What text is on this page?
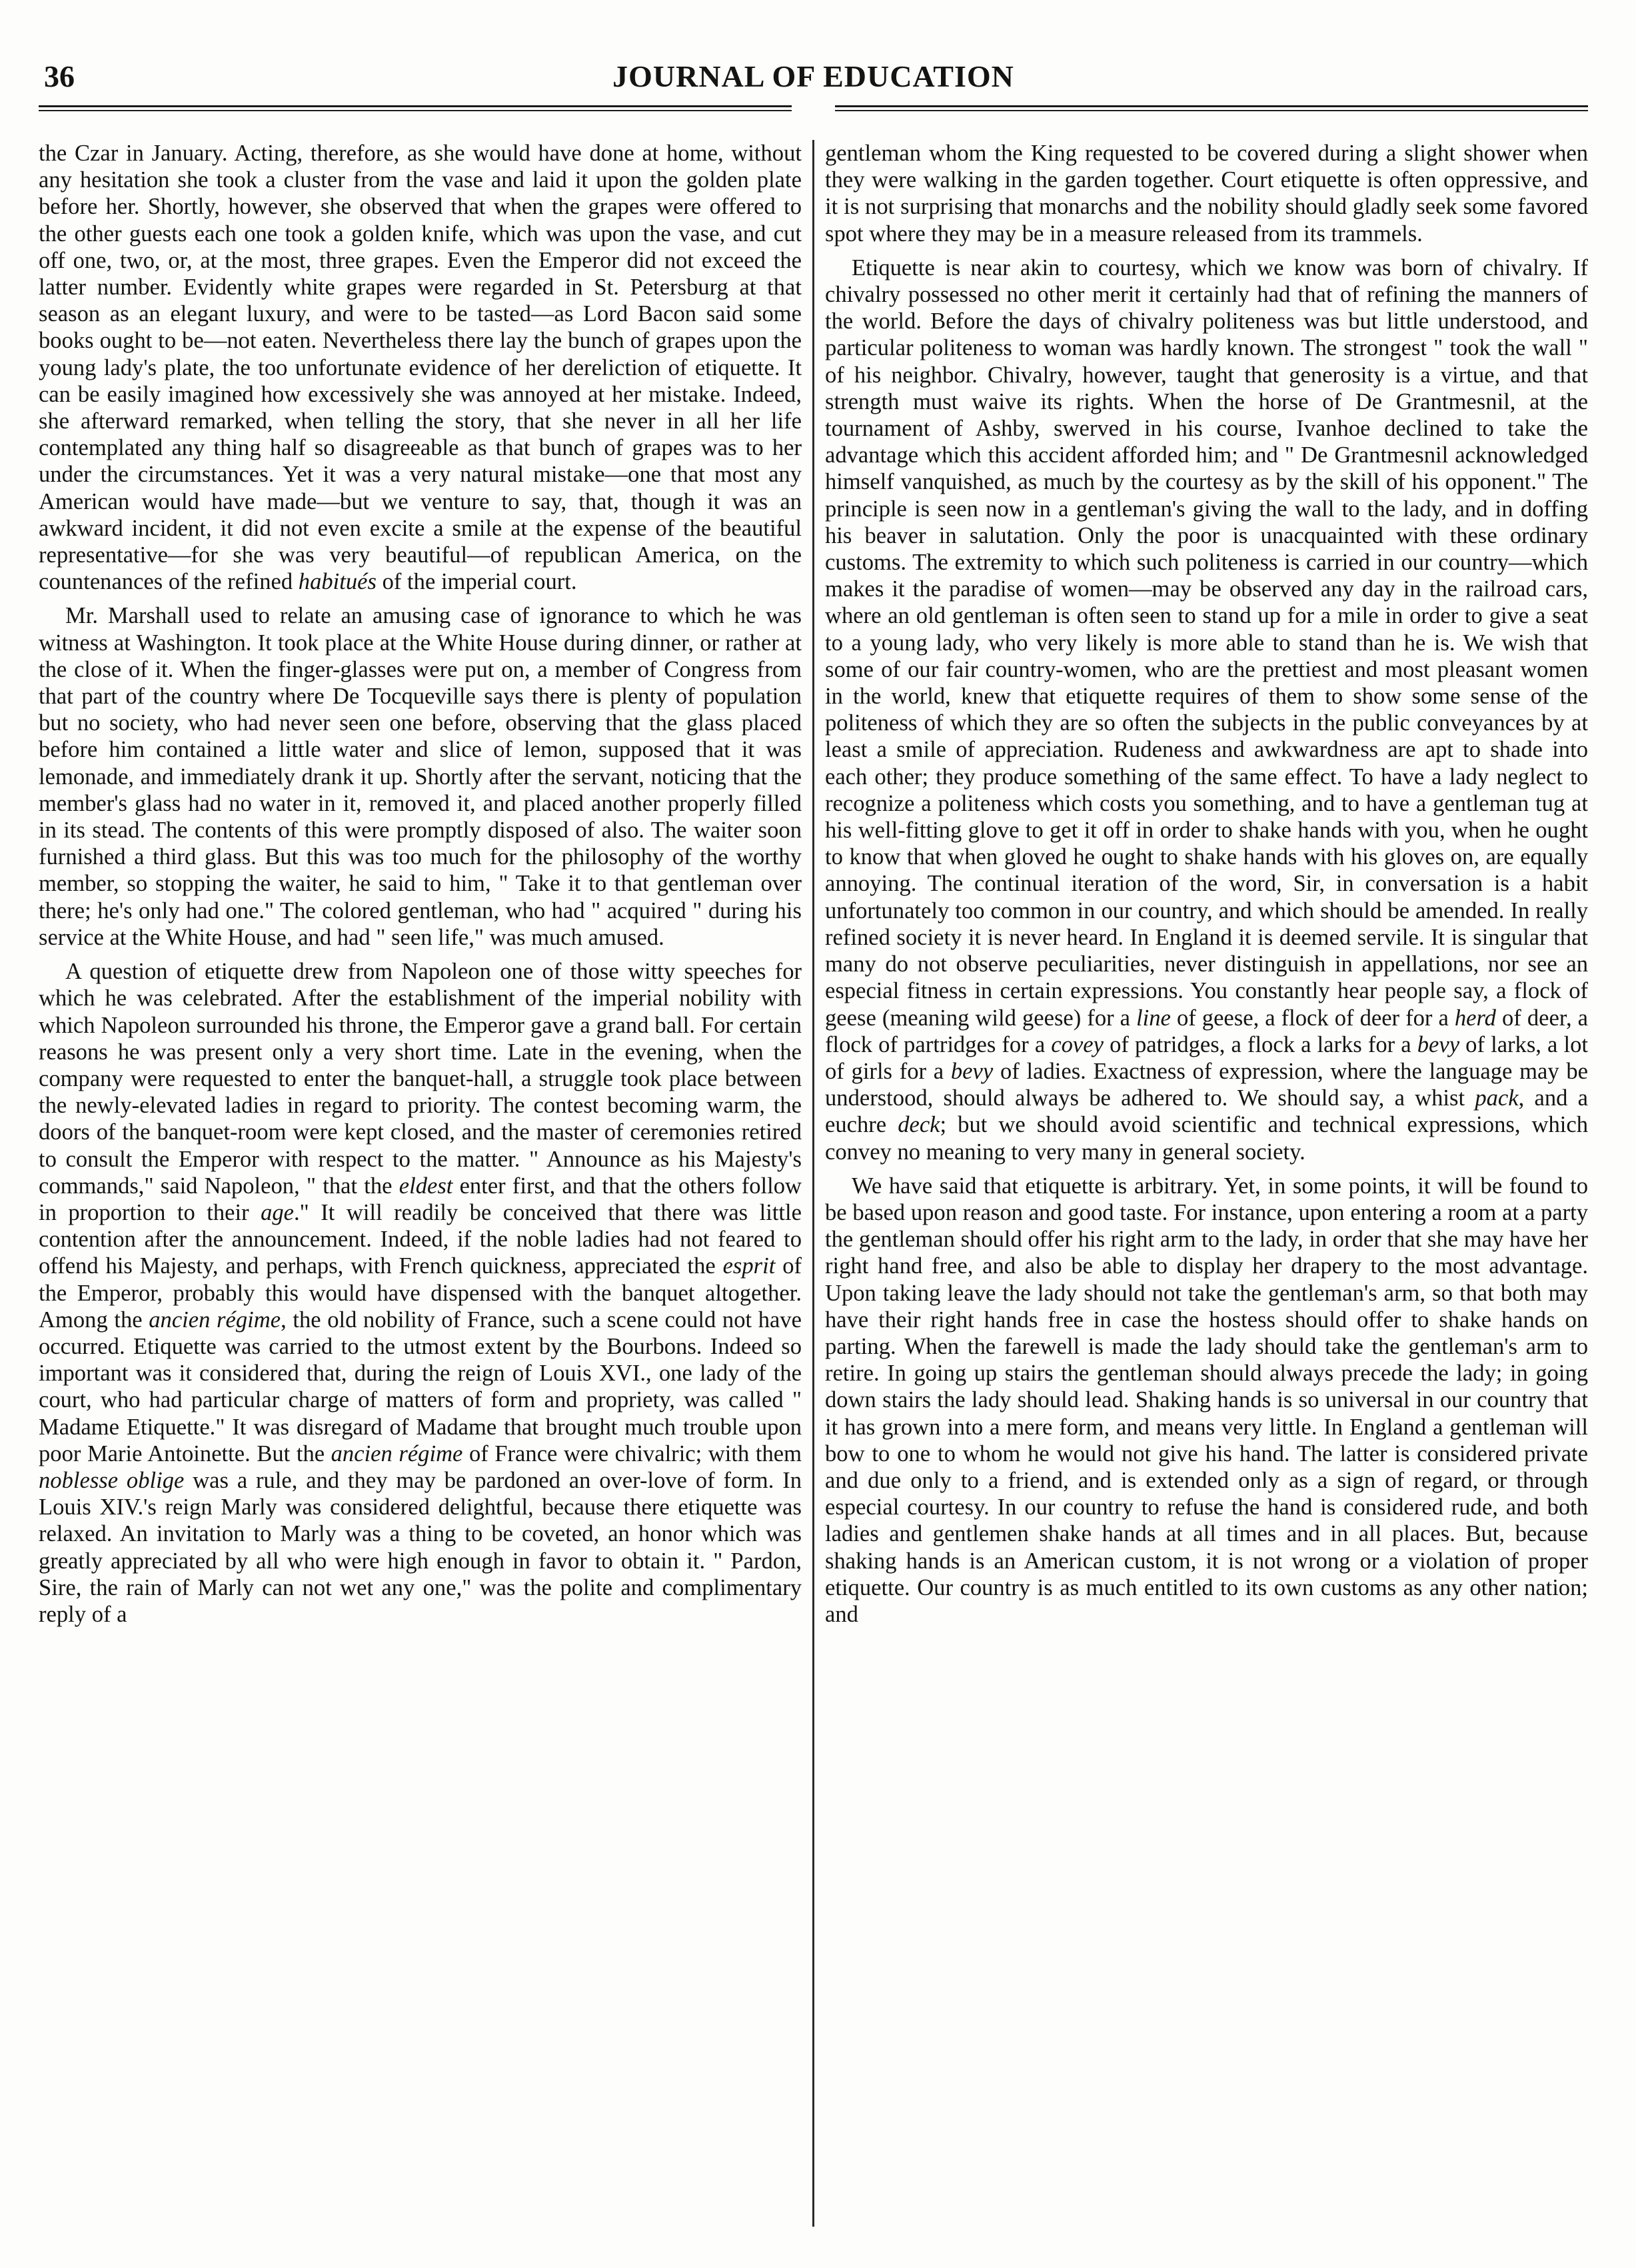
36	JOURNAL OF EDUCATION

the Czar in January. Acting, therefore, as she would have done at home, without any hesitation she took a cluster from the vase and laid it upon the golden plate before her. Shortly, however, she observed that when the grapes were offered to the other guests each one took a golden knife, which was upon the vase, and cut off one, two, or, at the most, three grapes. Even the Emperor did not exceed the latter number. Evidently white grapes were regarded in St. Petersburg at that season as an elegant luxury, and were to be tasted—as Lord Bacon said some books ought to be—not eaten. Nevertheless there lay the bunch of grapes upon the young lady's plate, the too unfortunate evidence of her dereliction of etiquette. It can be easily imagined how excessively she was annoyed at her mistake. Indeed, she afterward remarked, when telling the story, that she never in all her life contemplated any thing half so disagreeable as that bunch of grapes was to her under the circumstances. Yet it was a very natural mistake—one that most any American would have made—but we venture to say, that, though it was an awkward incident, it did not even excite a smile at the expense of the beautiful representative—for she was very beautiful—of republican America, on the countenances of the refined habitués of the imperial court.

Mr. Marshall used to relate an amusing case of ignorance to which he was witness at Washington. It took place at the White House during dinner, or rather at the close of it. When the finger-glasses were put on, a member of Congress from that part of the country where De Tocqueville says there is plenty of population but no society, who had never seen one before, observing that the glass placed before him contained a little water and slice of lemon, supposed that it was lemonade, and immediately drank it up. Shortly after the servant, noticing that the member's glass had no water in it, removed it, and placed another properly filled in its stead. The contents of this were promptly disposed of also. The waiter soon furnished a third glass. But this was too much for the philosophy of the worthy member, so stopping the waiter, he said to him, " Take it to that gentleman over there; he's only had one." The colored gentleman, who had " acquired " during his service at the White House, and had " seen life," was much amused.

A question of etiquette drew from Napoleon one of those witty speeches for which he was celebrated. After the establishment of the imperial nobility with which Napoleon surrounded his throne, the Emperor gave a grand ball. For certain reasons he was present only a very short time. Late in the evening, when the company were requested to enter the banquet-hall, a struggle took place between the newly-elevated ladies in regard to priority. The contest becoming warm, the doors of the banquet-room were kept closed, and the master of ceremonies retired to consult the Emperor with respect to the matter. " Announce as his Majesty's commands," said Napoleon, " that the eldest enter first, and that the others follow in proportion to their age." It will readily be conceived that there was little contention after the announcement. Indeed, if the noble ladies had not feared to offend his Majesty, and perhaps, with French quickness, appreciated the esprit of the Emperor, probably this would have dispensed with the banquet altogether. Among the ancien régime, the old nobility of France, such a scene could not have occurred. Etiquette was carried to the utmost extent by the Bourbons. Indeed so important was it considered that, during the reign of Louis XVI., one lady of the court, who had particular charge of matters of form and propriety, was called " Madame Etiquette." It was disregard of Madame that brought much trouble upon poor Marie Antoinette. But the ancien régime of France were chivalric; with them noblesse oblige was a rule, and they may be pardoned an over-love of form. In Louis XIV.'s reign Marly was considered delightful, because there etiquette was relaxed. An invitation to Marly was a thing to be coveted, an honor which was greatly appreciated by all who were high enough in favor to obtain it. " Pardon, Sire, the rain of Marly can not wet any one," was the polite and complimentary reply of a

gentleman whom the King requested to be covered during a slight shower when they were walking in the garden together. Court etiquette is often oppressive, and it is not surprising that monarchs and the nobility should gladly seek some favored spot where they may be in a measure released from its trammels.

Etiquette is near akin to courtesy, which we know was born of chivalry. If chivalry possessed no other merit it certainly had that of refining the manners of the world. Before the days of chivalry politeness was but little understood, and particular politeness to woman was hardly known. The strongest " took the wall " of his neighbor. Chivalry, however, taught that generosity is a virtue, and that strength must waive its rights. When the horse of De Grantmesnil, at the tournament of Ashby, swerved in his course, Ivanhoe declined to take the advantage which this accident afforded him; and " De Grantmesnil acknowledged himself vanquished, as much by the courtesy as by the skill of his opponent." The principle is seen now in a gentleman's giving the wall to the lady, and in doffing his beaver in salutation. Only the poor is unacquainted with these ordinary customs. The extremity to which such politeness is carried in our country—which makes it the paradise of women—may be observed any day in the railroad cars, where an old gentleman is often seen to stand up for a mile in order to give a seat to a young lady, who very likely is more able to stand than he is. We wish that some of our fair country-women, who are the prettiest and most pleasant women in the world, knew that etiquette requires of them to show some sense of the politeness of which they are so often the subjects in the public conveyances by at least a smile of appreciation. Rudeness and awkwardness are apt to shade into each other; they produce something of the same effect. To have a lady neglect to recognize a politeness which costs you something, and to have a gentleman tug at his well-fitting glove to get it off in order to shake hands with you, when he ought to know that when gloved he ought to shake hands with his gloves on, are equally annoying. The continual iteration of the word, Sir, in conversation is a habit unfortunately too common in our country, and which should be amended. In really refined society it is never heard. In England it is deemed servile. It is singular that many do not observe peculiarities, never distinguish in appellations, nor see an especial fitness in certain expressions. You constantly hear people say, a flock of geese (meaning wild geese) for a line of geese, a flock of deer for a herd of deer, a flock of partridges for a covey of patridges, a flock a larks for a bevy of larks, a lot of girls for a bevy of ladies. Exactness of expression, where the language may be understood, should always be adhered to. We should say, a whist pack, and a euchre deck; but we should avoid scientific and technical expressions, which convey no meaning to very many in general society.

We have said that etiquette is arbitrary. Yet, in some points, it will be found to be based upon reason and good taste. For instance, upon entering a room at a party the gentleman should offer his right arm to the lady, in order that she may have her right hand free, and also be able to display her drapery to the most advantage. Upon taking leave the lady should not take the gentleman's arm, so that both may have their right hands free in case the hostess should offer to shake hands on parting. When the farewell is made the lady should take the gentleman's arm to retire. In going up stairs the gentleman should always precede the lady; in going down stairs the lady should lead. Shaking hands is so universal in our country that it has grown into a mere form, and means very little. In England a gentleman will bow to one to whom he would not give his hand. The latter is considered private and due only to a friend, and is extended only as a sign of regard, or through especial courtesy. In our country to refuse the hand is considered rude, and both ladies and gentlemen shake hands at all times and in all places. But, because shaking hands is an American custom, it is not wrong or a violation of proper etiquette. Our country is as much entitled to its own customs as any other nation; and
